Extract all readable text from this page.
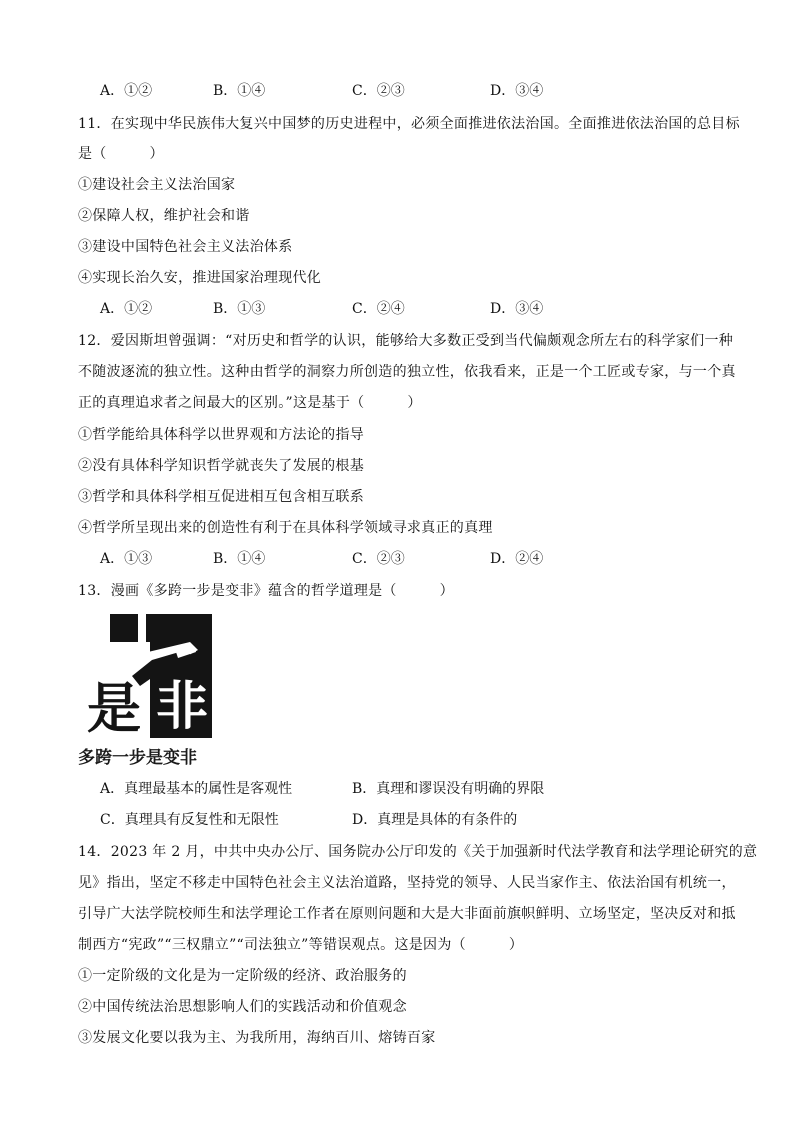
A．①②	B．①④	C．②③	D．③④
11．在实现中华民族伟大复兴中国梦的历史进程中，必须全面推进依法治国。全面推进依法治国的总目标
是（　　　）
①建设社会主义法治国家
②保障人权，维护社会和谐
③建设中国特色社会主义法治体系
④实现长治久安，推进国家治理现代化
A．①②	B．①③	C．②④	D．③④
12．爱因斯坦曾强调：“对历史和哲学的认识，能够给大多数正受到当代偏颇观念所左右的科学家们一种
不随波逐流的独立性。这种由哲学的洞察力所创造的独立性，依我看来，正是一个工匠或专家，与一个真
正的真理追求者之间最大的区别。”这是基于（　　　）
①哲学能给具体科学以世界观和方法论的指导
②没有具体科学知识哲学就丧失了发展的根基
③哲学和具体科学相互促进相互包含相互联系
④哲学所呈现出来的创造性有利于在具体科学领域寻求真正的真理
A．①③	B．①④	C．②③	D．②④
13．漫画《多跨一步是变非》蕴含的哲学道理是（　　　）
是 非
多跨一步是变非
A．真理最基本的属性是客观性	B．真理和谬误没有明确的界限
C．真理具有反复性和无限性	D．真理是具体的有条件的
14．2023 年 2 月，中共中央办公厅、国务院办公厅印发的《关于加强新时代法学教育和法学理论研究的意
见》指出，坚定不移走中国特色社会主义法治道路，坚持党的领导、人民当家作主、依法治国有机统一，
引导广大法学院校师生和法学理论工作者在原则问题和大是大非面前旗帜鲜明、立场坚定，坚决反对和抵
制西方“宪政”“三权鼎立”“司法独立”等错误观点。这是因为（　　　）
①一定阶级的文化是为一定阶级的经济、政治服务的
②中国传统法治思想影响人们的实践活动和价值观念
③发展文化要以我为主、为我所用，海纳百川、熔铸百家
